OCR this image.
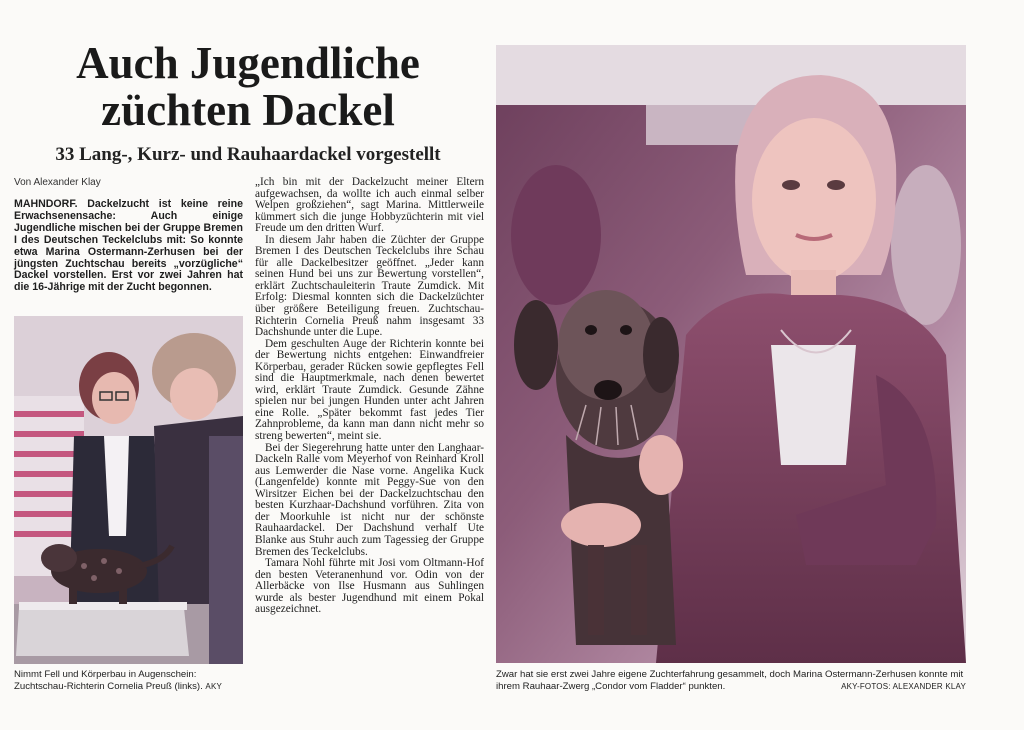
Auch Jugendliche
züchten Dackel
33 Lang-, Kurz- und Rauhaardackel vorgestellt
Von Alexander Klay

MAHNDORF. Dackelzucht ist keine reine Erwachsenensache: Auch einige Jugendliche mischen bei der Gruppe Bremen I des Deutschen Teckelclubs mit: So konnte etwa Marina Ostermann-Zerhusen bei der jüngsten Zuchtschau bereits „vorzügliche“ Dackel vorstellen. Erst vor zwei Jahren hat die 16-Jährige mit der Zucht begonnen.

„Ich bin mit der Dackelzucht meiner Eltern aufgewachsen, da wollte ich auch einmal selber Welpen großziehen“, sagt Marina. Mittlerweile kümmert sich die junge Hobbyzüchterin mit viel Freude um den dritten Wurf.

In diesem Jahr haben die Züchter der Gruppe Bremen I des Deutschen Teckelclubs ihre Schau für alle Dackelbesitzer geöffnet. „Jeder kann seinen Hund bei uns zur Bewertung vorstellen“, erklärt Zuchtschauleiterin Traute Zumdick. Mit Erfolg: Diesmal konnten sich die Dackelzüchter über größere Beteiligung freuen. Zuchtschau-Richterin Cornelia Preuß nahm insgesamt 33 Dachshunde unter die Lupe.

Dem geschulten Auge der Richterin konnte bei der Bewertung nichts entgehen: Einwandfreier Körperbau, gerader Rücken sowie gepflegtes Fell sind die Hauptmerkmale, nach denen bewertet wird, erklärt Traute Zumdick. Gesunde Zähne spielen nur bei jungen Hunden unter acht Jahren eine Rolle. „Später bekommt fast jedes Tier Zahnprobleme, da kann man dann nicht mehr so streng bewerten“, meint sie.

Bei der Siegerehrung hatte unter den Langhaar-Dackeln Ralle vom Meyerhof von Reinhard Kroll aus Lemwerder die Nase vorne. Angelika Kuck (Langenfelde) konnte mit Peggy-Sue von den Wirsitzer Eichen bei der Dackelzuchtschau den besten Kurzhaar-Dachshund vorführen. Zita von der Moorkuhle ist nicht nur der schönste Rauhaardackel. Der Dachshund verhalf Ute Blanke aus Stuhr auch zum Tagessieg der Gruppe Bremen des Teckelclubs.

Tamara Nohl führte mit Josi vom Oltmann-Hof den besten Veteranenhund vor. Odin von der Allerbäcke von Ilse Husmann aus Suhlingen wurde als bester Jugendhund mit einem Pokal ausgezeichnet.

Nimmt Fell und Körperbau in Augenschein: Zuchtschau-Richterin Cornelia Preuß (links). AKY
Zwar hat sie erst zwei Jahre eigene Zuchterfahrung gesammelt, doch Marina Ostermann-Zerhusen konnte mit ihrem Rauhaar-Zwerg „Condor vom Fladder“ punkten.	AKY-FOTOS: ALEXANDER KLAY
